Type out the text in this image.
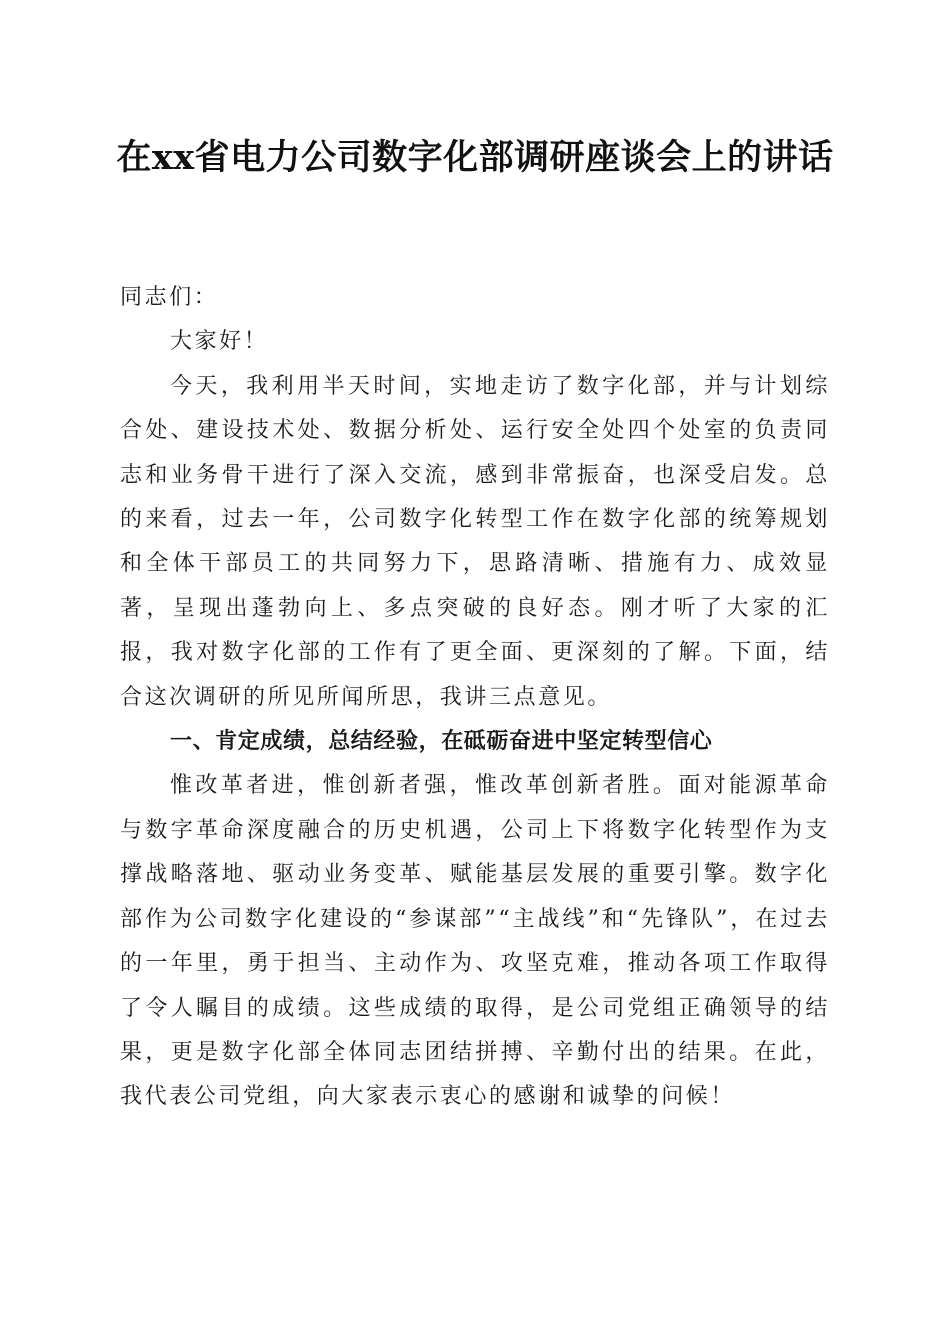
在xx省电力公司数字化部调研座谈会上的讲话

同志们：

大家好！

今天，我利用半天时间，实地走访了数字化部，并与计划综合处、建设技术处、数据分析处、运行安全处四个处室的负责同志和业务骨干进行了深入交流，感到非常振奋，也深受启发。总的来看，过去一年，公司数字化转型工作在数字化部的统筹规划和全体干部员工的共同努力下，思路清晰、措施有力、成效显著，呈现出蓬勃向上、多点突破的良好态。刚才听了大家的汇报，我对数字化部的工作有了更全面、更深刻的了解。下面，结合这次调研的所见所闻所思，我讲三点意见。

一、肯定成绩，总结经验，在砥砺奋进中坚定转型信心

惟改革者进，惟创新者强，惟改革创新者胜。面对能源革命与数字革命深度融合的历史机遇，公司上下将数字化转型作为支撑战略落地、驱动业务变革、赋能基层发展的重要引擎。数字化部作为公司数字化建设的“参谋部”“主战线”和“先锋队”，在过去的一年里，勇于担当、主动作为、攻坚克难，推动各项工作取得了令人瞩目的成绩。这些成绩的取得，是公司党组正确领导的结果，更是数字化部全体同志团结拼搏、辛勤付出的结果。在此，我代表公司党组，向大家表示衷心的感谢和诚挚的问候！
